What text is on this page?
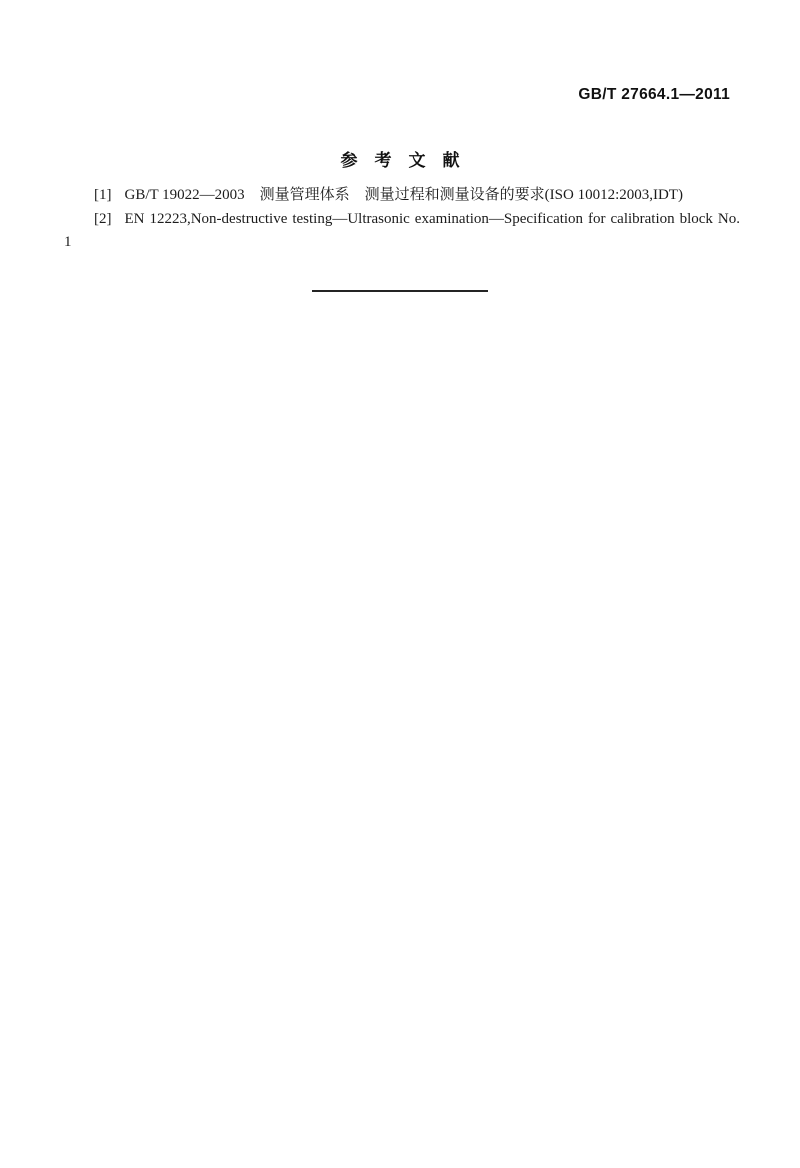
GB/T 27664.1—2011
参　考　文　献

[1] GB/T 19022—2003　测量管理体系　测量过程和测量设备的要求(ISO 10012:2003,IDT)

[2] EN 12223,Non-destructive testing—Ultrasonic examination—Specification for calibration block No. 1
